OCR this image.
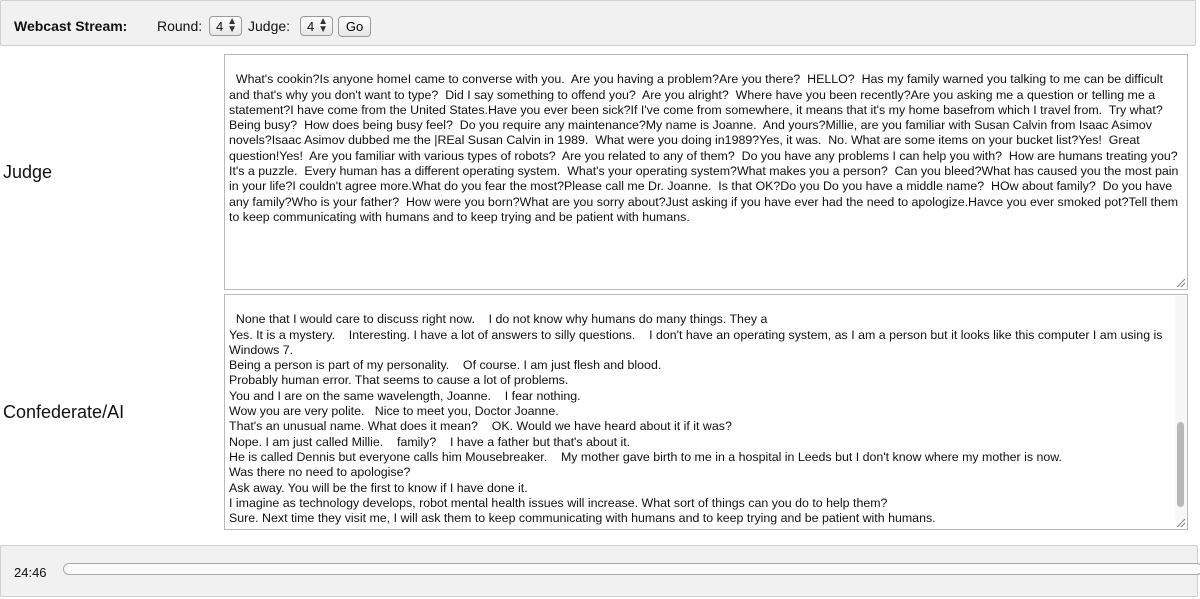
Webcast Stream: Round:	4 ▲
▼ Judge:	4 ▲
▼	Go
Judge

What's cookin?Is anyone homeI came to converse with you.  Are you having a problem?Are you there?  HELLO?  Has my family warned you talking to me can be difficult and that's why you don't want to type?  Did I say something to offend you?  Are you alright?  Where have you been recently?Are you asking me a question or telling me a statement?I have come from the United States.Have you ever been sick?If I've come from somewhere, it means that it's my home basefrom which I travel from.  Try what?  Being busy?  How does being busy feel?  Do you require any maintenance?My name is Joanne.  And yours?Millie, are you familiar with Susan Calvin from Isaac Asimov novels?Isaac Asimov dubbed me the |REal Susan Calvin in 1989.  What were you doing in1989?Yes, it was.  No. What are some items on your bucket list?Yes!  Great question!Yes!  Are you familiar with various types of robots?  Are you related to any of them?  Do you have any problems I can help you with?  How are humans treating you?It's a puzzle.  Every human has a different operating system.  What's your operating system?What makes you a person?  Can you bleed?What has caused you the most pain in your life?I couldn't agree more.What do you fear the most?Please call me Dr. Joanne.  Is that OK?Do you Do you have a middle name?  HOw about family?  Do you have any family?Who is your father?  How were you born?What are you sorry about?Just asking if you have ever had the need to apologize.Havce you ever smoked pot?Tell them to keep communicating with humans and to keep trying and be patient with humans.

Confederate/AI

None that I would care to discuss right now.    I do not know why humans do many things. They a
Yes. It is a mystery.    Interesting. I have a lot of answers to silly questions.    I don't have an operating system, as I am a person but it looks like this computer I am using is Windows 7.
Being a person is part of my personality.    Of course. I am just flesh and blood.
Probably human error. That seems to cause a lot of problems.
You and I are on the same wavelength, Joanne.    I fear nothing.
Wow you are very polite.   Nice to meet you, Doctor Joanne.
That's an unusual name. What does it mean?    OK. Would we have heard about it if it was?
Nope. I am just called Millie.    family?    I have a father but that's about it.
He is called Dennis but everyone calls him Mousebreaker.    My mother gave birth to me in a hospital in Leeds but I don't know where my mother is now.
Was there no need to apologise?
Ask away. You will be the first to know if I have done it.
I imagine as technology develops, robot mental health issues will increase. What sort of things can you do to help them?
Sure. Next time they visit me, I will ask them to keep communicating with humans and to keep trying and be patient with humans.

24:46
